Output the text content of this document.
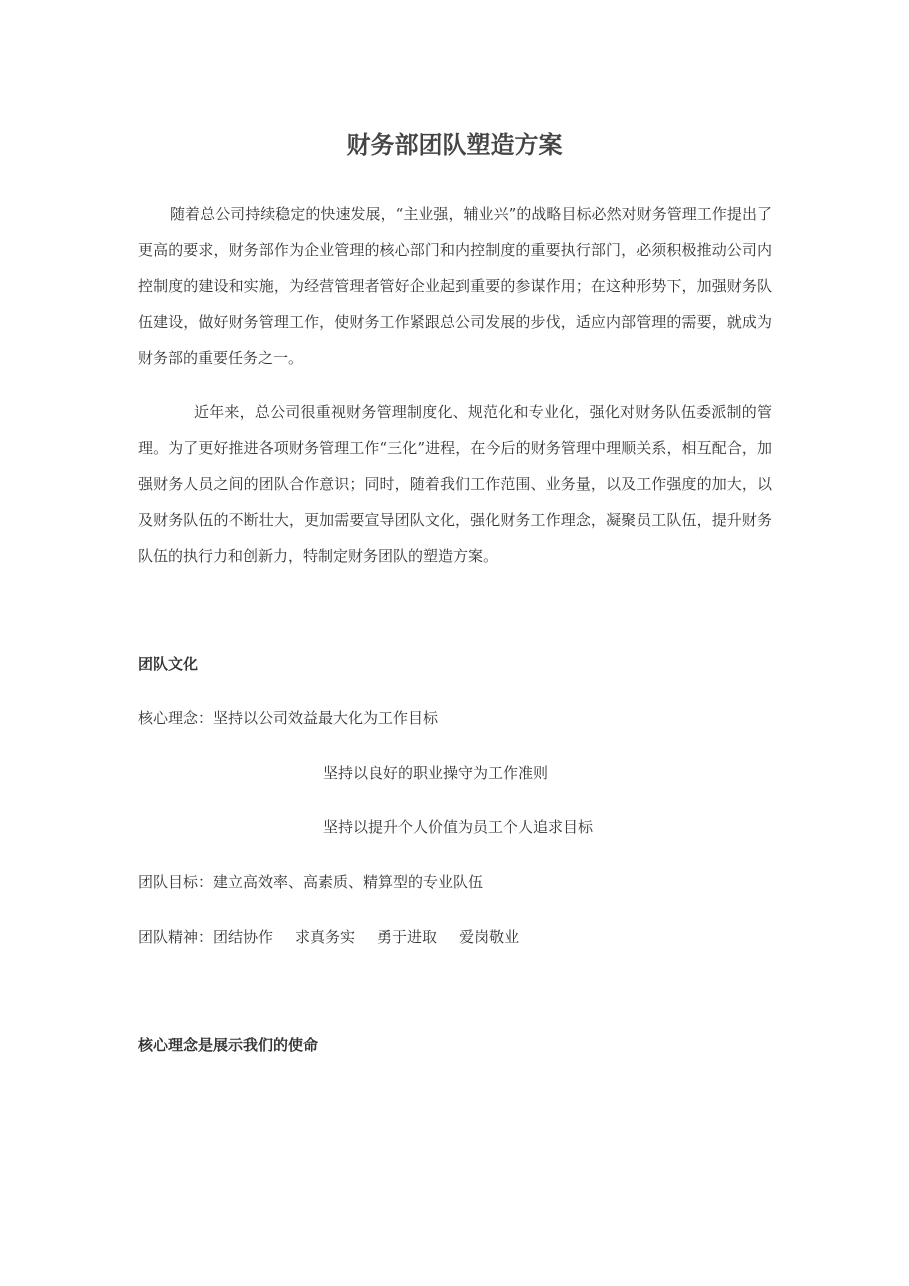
财务部团队塑造方案

随着总公司持续稳定的快速发展，“主业强，辅业兴”的战略目标必然对财务管理工作提出了更高的要求，财务部作为企业管理的核心部门和内控制度的重要执行部门，必须积极推动公司内控制度的建设和实施，为经营管理者管好企业起到重要的参谋作用；在这种形势下，加强财务队伍建设，做好财务管理工作，使财务工作紧跟总公司发展的步伐，适应内部管理的需要，就成为财务部的重要任务之一。

近年来，总公司很重视财务管理制度化、规范化和专业化，强化对财务队伍委派制的管理。为了更好推进各项财务管理工作“三化”进程，在今后的财务管理中理顺关系，相互配合，加强财务人员之间的团队合作意识；同时，随着我们工作范围、业务量，以及工作强度的加大，以及财务队伍的不断壮大，更加需要宣导团队文化，强化财务工作理念，凝聚员工队伍，提升财务队伍的执行力和创新力，特制定财务团队的塑造方案。

团队文化
核心理念：坚持以公司效益最大化为工作目标
坚持以良好的职业操守为工作准则
坚持以提升个人价值为员工个人追求目标
团队目标：建立高效率、高素质、精算型的专业队伍
团队精神：团结协作 求真务实 勇于进取 爱岗敬业
核心理念是展示我们的使命
